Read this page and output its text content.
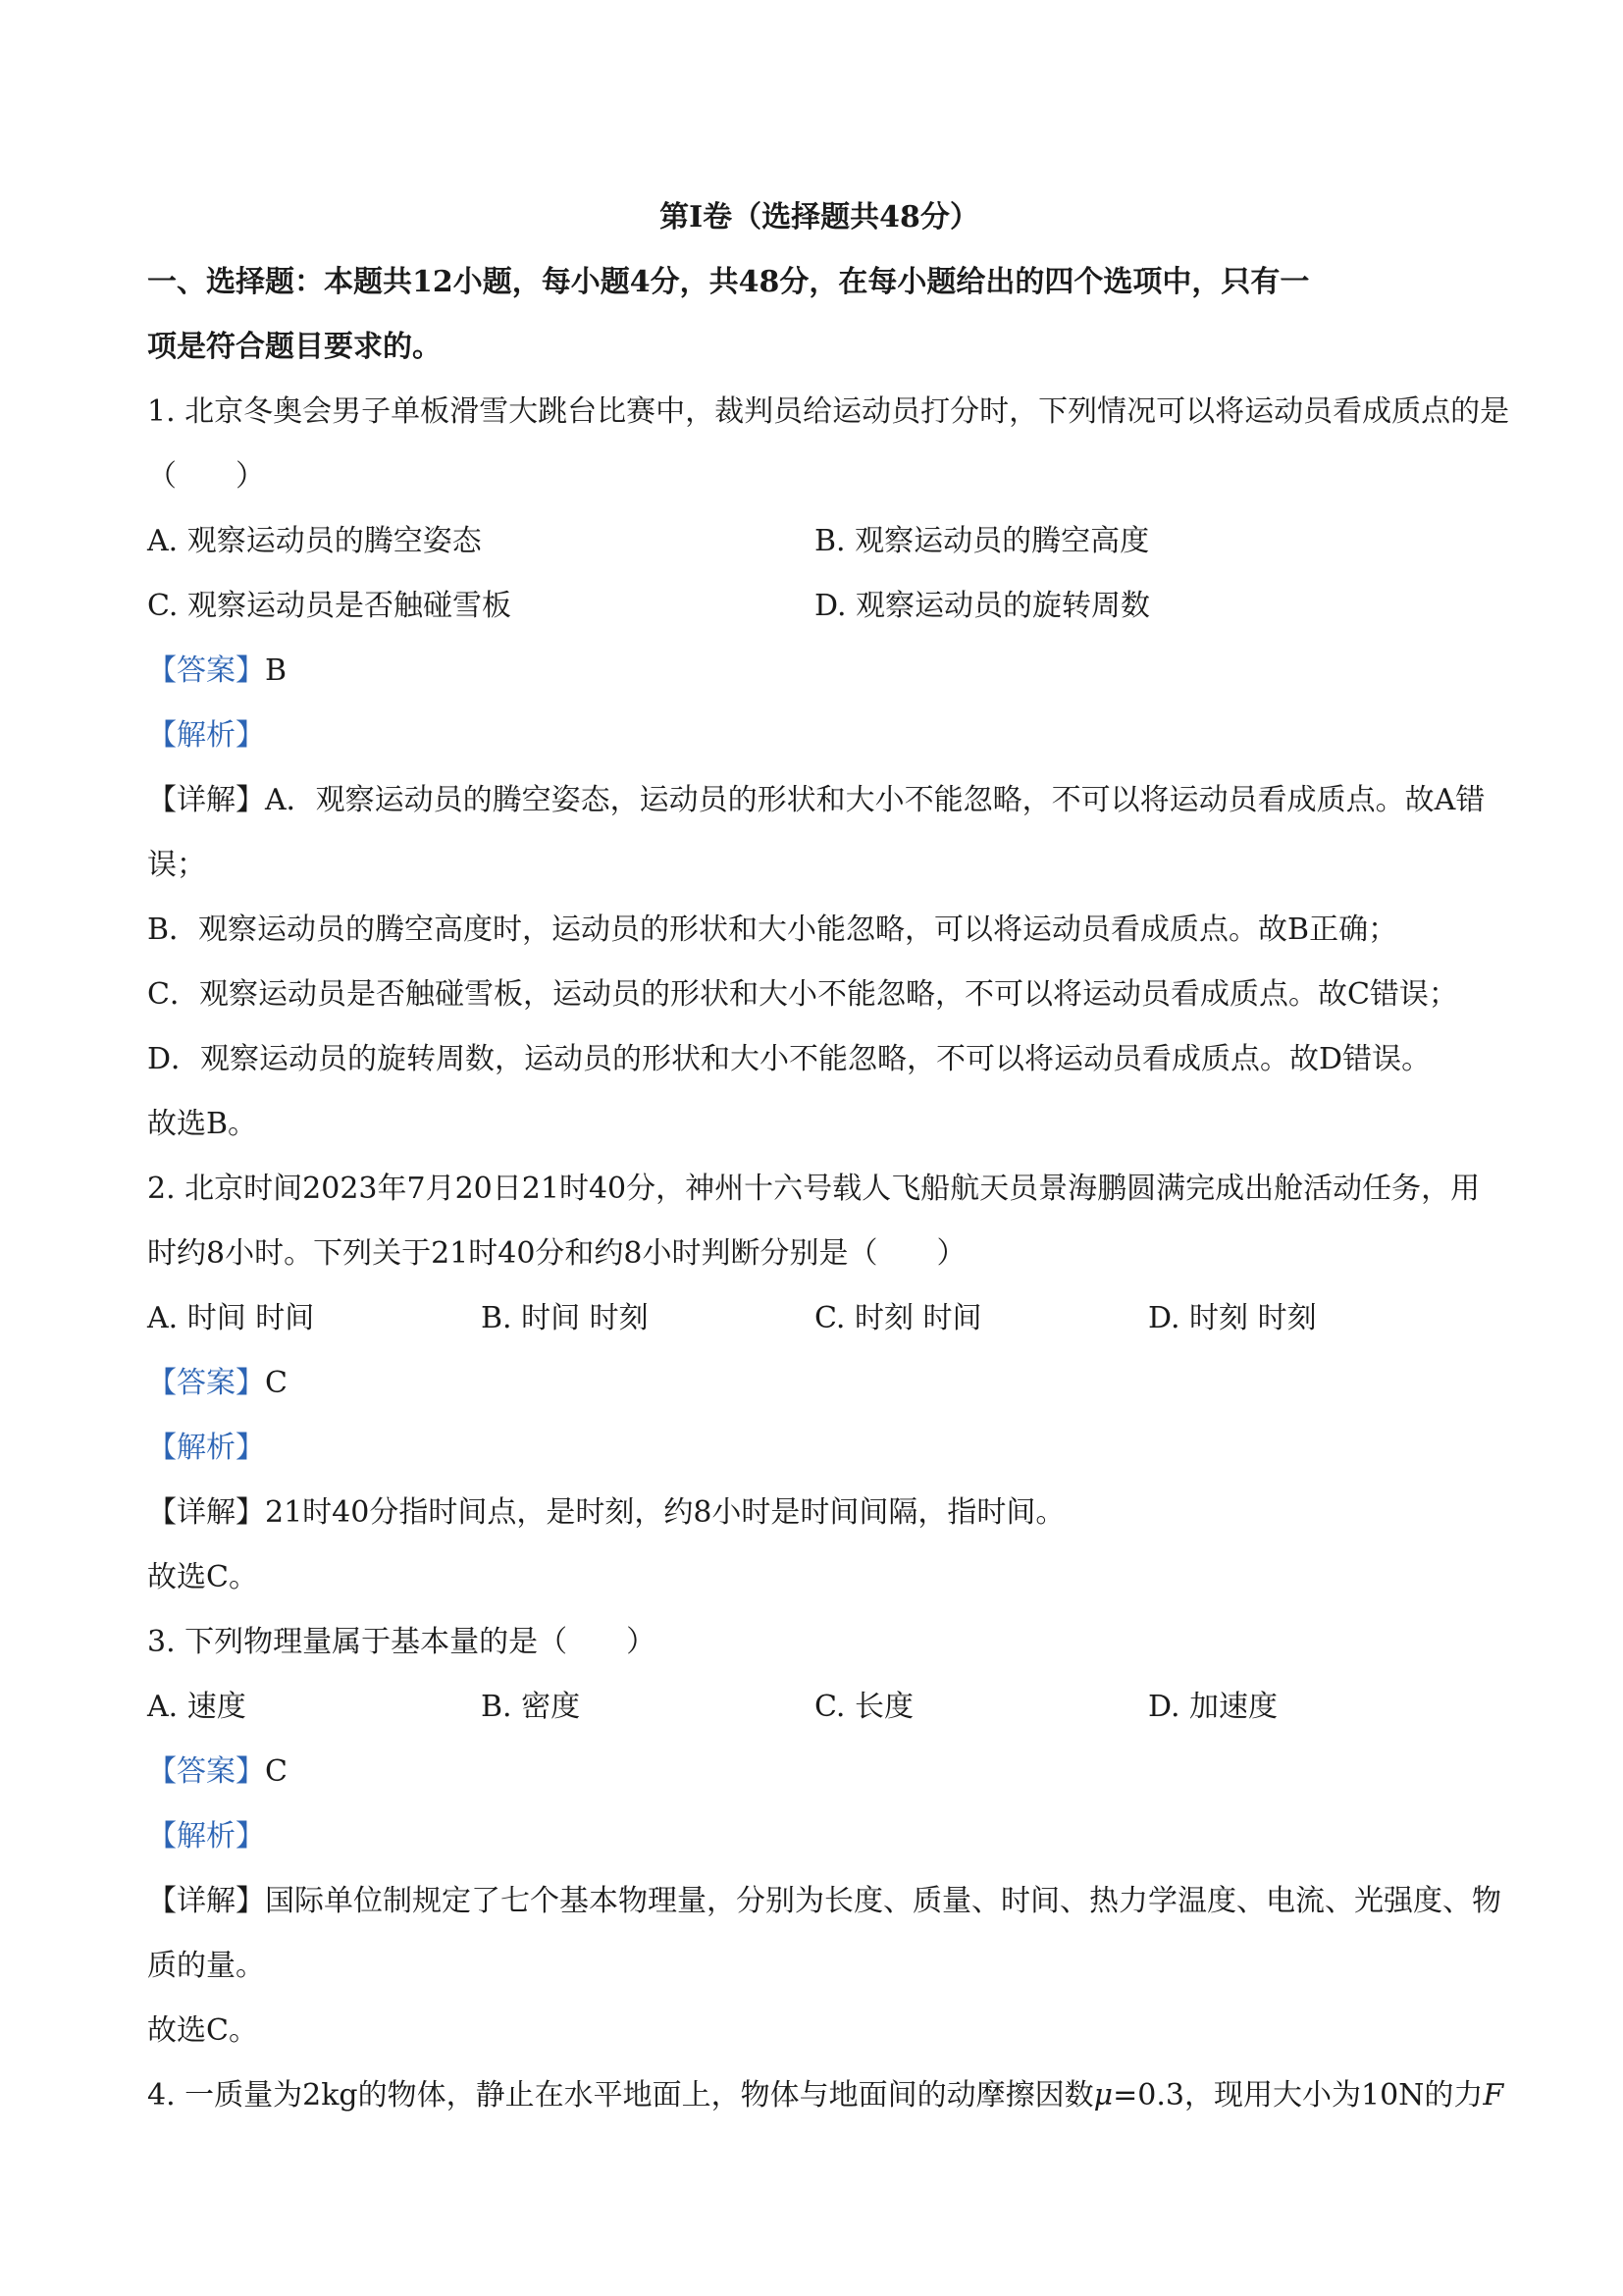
第Ⅰ卷（选择题共48分）
一、选择题：本题共12小题，每小题4分，共48分，在每小题给出的四个选项中，只有一
项是符合题目要求的。
1. 北京冬奥会男子单板滑雪大跳台比赛中，裁判员给运动员打分时，下列情况可以将运动员看成质点的是
（　　）
A. 观察运动员的腾空姿态	B. 观察运动员的腾空高度
C. 观察运动员是否触碰雪板	D. 观察运动员的旋转周数
【答案】B
【解析】
【详解】A．观察运动员的腾空姿态，运动员的形状和大小不能忽略，不可以将运动员看成质点。故A错
误；
B．观察运动员的腾空高度时，运动员的形状和大小能忽略，可以将运动员看成质点。故B正确；
C．观察运动员是否触碰雪板，运动员的形状和大小不能忽略，不可以将运动员看成质点。故C错误；
D．观察运动员的旋转周数，运动员的形状和大小不能忽略，不可以将运动员看成质点。故D错误。
故选B。
2. 北京时间2023年7月20日21时40分，神州十六号载人飞船航天员景海鹏圆满完成出舱活动任务，用
时约8小时。下列关于21时40分和约8小时判断分别是（　　）
A. 时间 时间	B. 时间 时刻	C. 时刻 时间	D. 时刻 时刻
【答案】C
【解析】
【详解】21时40分指时间点，是时刻，约8小时是时间间隔，指时间。
故选C。
3. 下列物理量属于基本量的是（　　）
A. 速度	B. 密度	C. 长度	D. 加速度
【答案】C
【解析】
【详解】国际单位制规定了七个基本物理量，分别为长度、质量、时间、热力学温度、电流、光强度、物
质的量。
故选C。
4. 一质量为2kg的物体，静止在水平地面上，物体与地面间的动摩擦因数μ=0.3，现用大小为10N的力F
